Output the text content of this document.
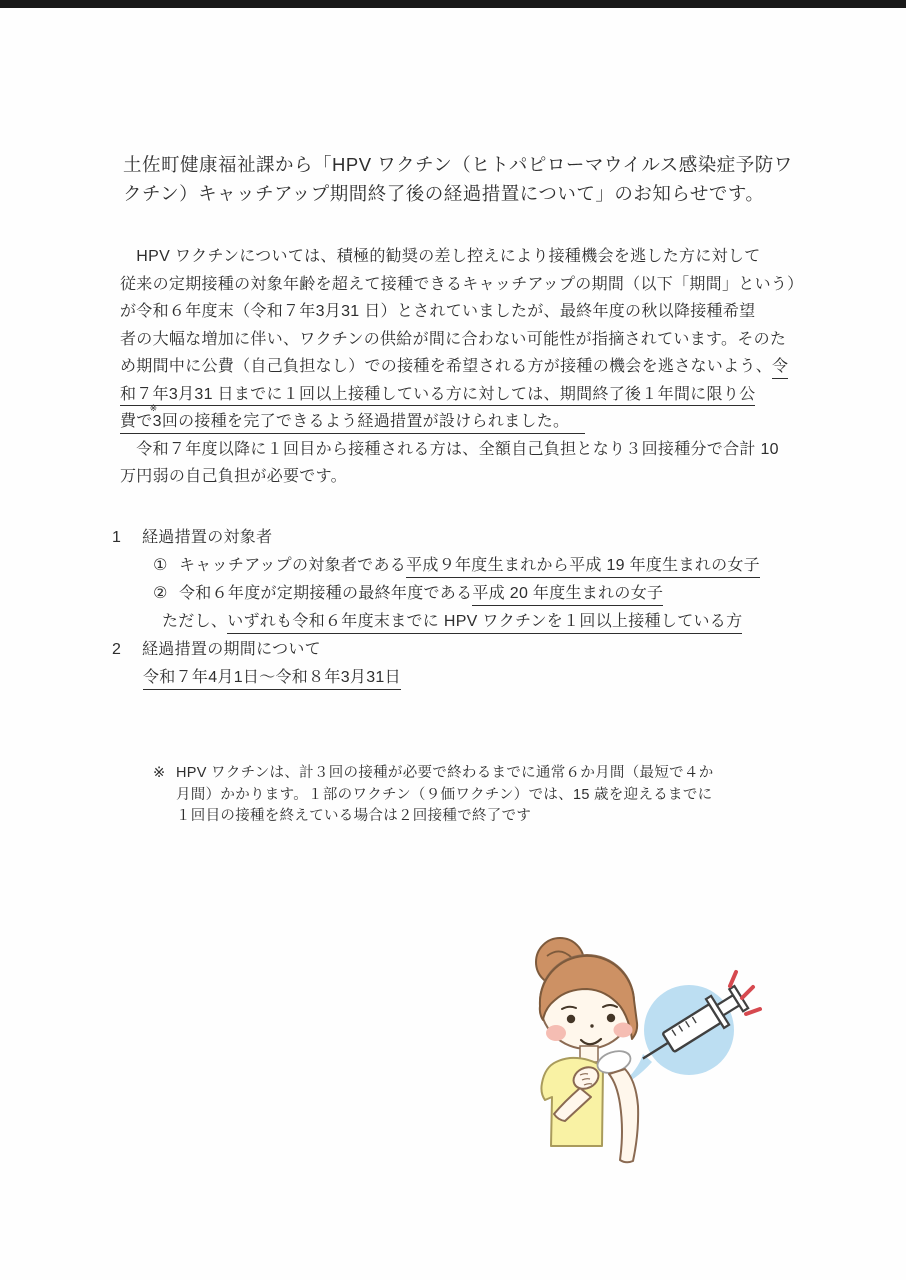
土佐町健康福祉課から「HPV ワクチン（ヒトパピローマウイルス感染症予防ワ
クチン）キャッチアップ期間終了後の経過措置について」のお知らせです。
　HPV ワクチンについては、積極的勧奨の差し控えにより接種機会を逃した方に対して
従来の定期接種の対象年齢を超えて接種できるキャッチアップの期間（以下「期間」という）
が令和６年度末（令和７年3月31 日）とされていましたが、最終年度の秋以降接種希望
者の大幅な増加に伴い、ワクチンの供給が間に合わない可能性が指摘されています。そのた
め期間中に公費（自己負担なし）での接種を希望される方が接種の機会を逃さないよう、令
和７年3月31 日までに１回以上接種している方に対しては、期間終了後１年間に限り公
費で
※
3回の接種を完了できるよう経過措置が設けられました。
　令和７年度以降に１回目から接種される方は、全額自己負担となり３回接種分で合計 10
万円弱の自己負担が必要です。
1 経過措置の対象者
① キャッチアップの対象者である平成９年度生まれから平成 19 年度生まれの女子
② 令和６年度が定期接種の最終年度である平成 20 年度生まれの女子
ただし、いずれも令和６年度末までに HPV ワクチンを１回以上接種している方
2 経過措置の期間について
令和７年4月1日～令和８年3月31日
※ HPV ワクチンは、計３回の接種が必要で終わるまでに通常６か月間（最短で４か
月間）かかります。１部のワクチン（９価ワクチン）では、15 歳を迎えるまでに
１回目の接種を終えている場合は２回接種で終了です
